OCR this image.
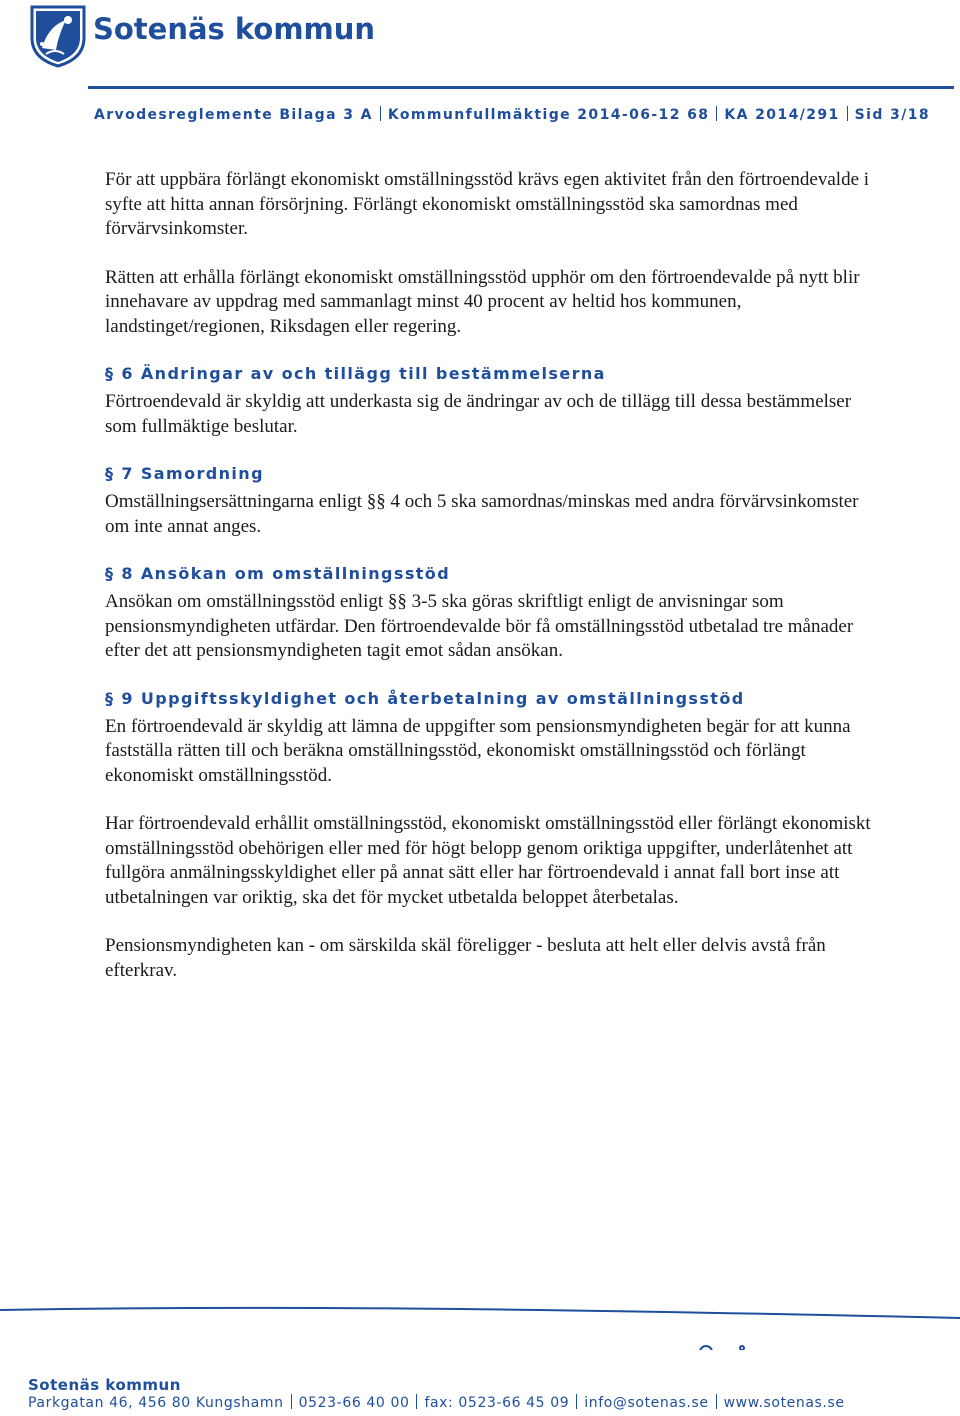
Sotenäs kommun
Arvodesreglemente Bilaga 3 A Kommunfullmäktige 2014-06-12 68 KA 2014/291 Sid 3/18

För att uppbära förlängt ekonomiskt omställningsstöd krävs egen aktivitet från den förtroendevalde i syfte att hitta annan försörjning. Förlängt ekonomiskt omställningsstöd ska samordnas med förvärvsinkomster.

Rätten att erhålla förlängt ekonomiskt omställningsstöd upphör om den förtroendevalde på nytt blir innehavare av uppdrag med sammanlagt minst 40 procent av heltid hos kommunen, landstinget/regionen, Riksdagen eller regering.

§ 6 Ändringar av och tillägg till bestämmelserna

Förtroendevald är skyldig att underkasta sig de ändringar av och de tillägg till dessa bestämmelser som fullmäktige beslutar.

§ 7 Samordning

Omställningsersättningarna enligt §§ 4 och 5 ska samordnas/minskas med andra förvärvsinkomster om inte annat anges.

§ 8 Ansökan om omställningsstöd

Ansökan om omställningsstöd enligt §§ 3-5 ska göras skriftligt enligt de anvisningar som pensionsmyndigheten utfärdar. Den förtroendevalde bör få omställningsstöd utbetalad tre månader efter det att pensionsmyndigheten tagit emot sådan ansökan.

§ 9 Uppgiftsskyldighet och återbetalning av omställningsstöd

En förtroendevald är skyldig att lämna de uppgifter som pensionsmyndigheten begär for att kunna fastställa rätten till och beräkna omställningsstöd, ekonomiskt omställningsstöd och förlängt ekonomiskt omställningsstöd.

Har förtroendevald erhållit omställningsstöd, ekonomiskt omställningsstöd eller förlängt ekonomiskt omställningsstöd obehörigen eller med för högt belopp genom oriktiga uppgifter, underlåtenhet att fullgöra anmälningsskyldighet eller på annat sätt eller har förtroendevald i annat fall bort inse att utbetalningen var oriktig, ska det för mycket utbetalda beloppet återbetalas.

Pensionsmyndigheten kan - om särskilda skäl föreligger - besluta att helt eller delvis avstå från efterkrav.

Sotenäs kommun
Parkgatan 46, 456 80 Kungshamn 0523-66 40 00 fax: 0523-66 45 09 info@sotenas.se www.sotenas.se
